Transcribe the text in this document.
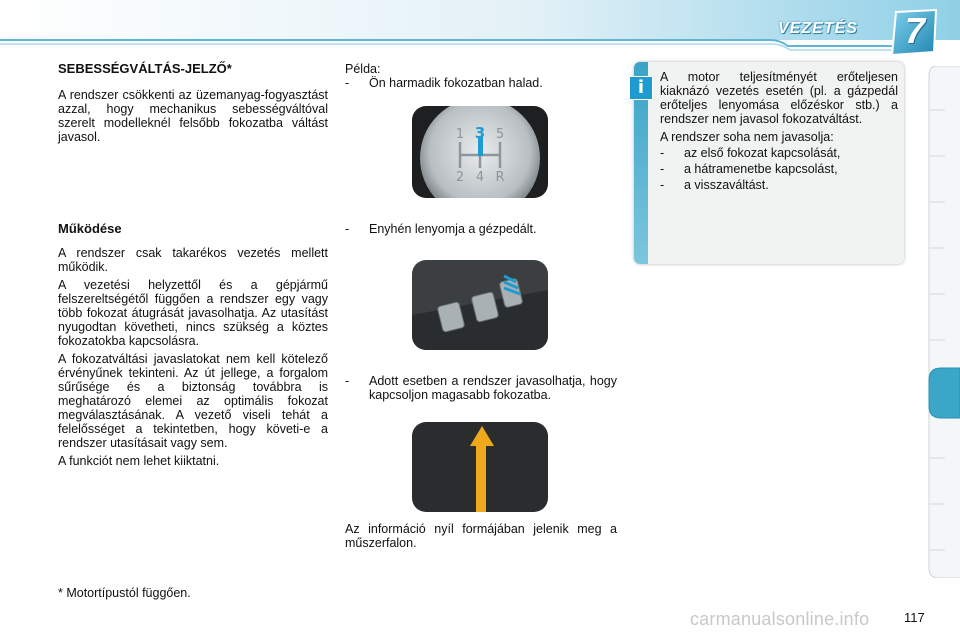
VEZETÉS	7
SEBESSÉGVÁLTÁS-JELZŐ*

A rendszer csökkenti az üzemanyag-fogyasztást azzal, hogy mechanikus sebességváltóval szerelt modelleknél felsőbb fokozatba váltást javasol.

Működése

A rendszer csak takarékos vezetés mellett működik.

A vezetési helyzettől és a gépjármű felszereltségétől függően a rendszer egy vagy több fokozat átugrását javasolhatja. Az utasítást nyugodtan követheti, nincs szükség a köztes fokozatokba kapcsolásra.

A fokozatváltási javaslatokat nem kell kötelező érvényűnek tekinteni. Az út jellege, a forgalom sűrűsége és a biztonság továbbra is meghatározó elemei az optimális fokozat megválasztásának. A vezető viseli tehát a felelősséget a tekintetben, hogy követi-e a rendszer utasításait vagy sem.

A funkciót nem lehet kiiktatni.

* Motortípustól függően.

Példa:

-	Ön harmadik fokozatban halad.
1 5
2 4 R
3
-	Enyhén lenyomja a gézpedált.
-	Adott esetben a rendszer javasolhatja, hogy kapcsoljon magasabb fokozatba.

Az információ nyíl formájában jelenik meg a műszerfalon.

i	A motor teljesítményét erőteljesen kiaknázó vezetés esetén (pl. a gázpedál erőteljes lenyomása előzéskor stb.) a rendszer nem javasol fokozatváltást.

A rendszer soha nem javasolja:

-	az első fokozat kapcsolását,
-	a hátramenetbe kapcsolást,
-	a visszaváltást.
carmanualsonline.info	117
